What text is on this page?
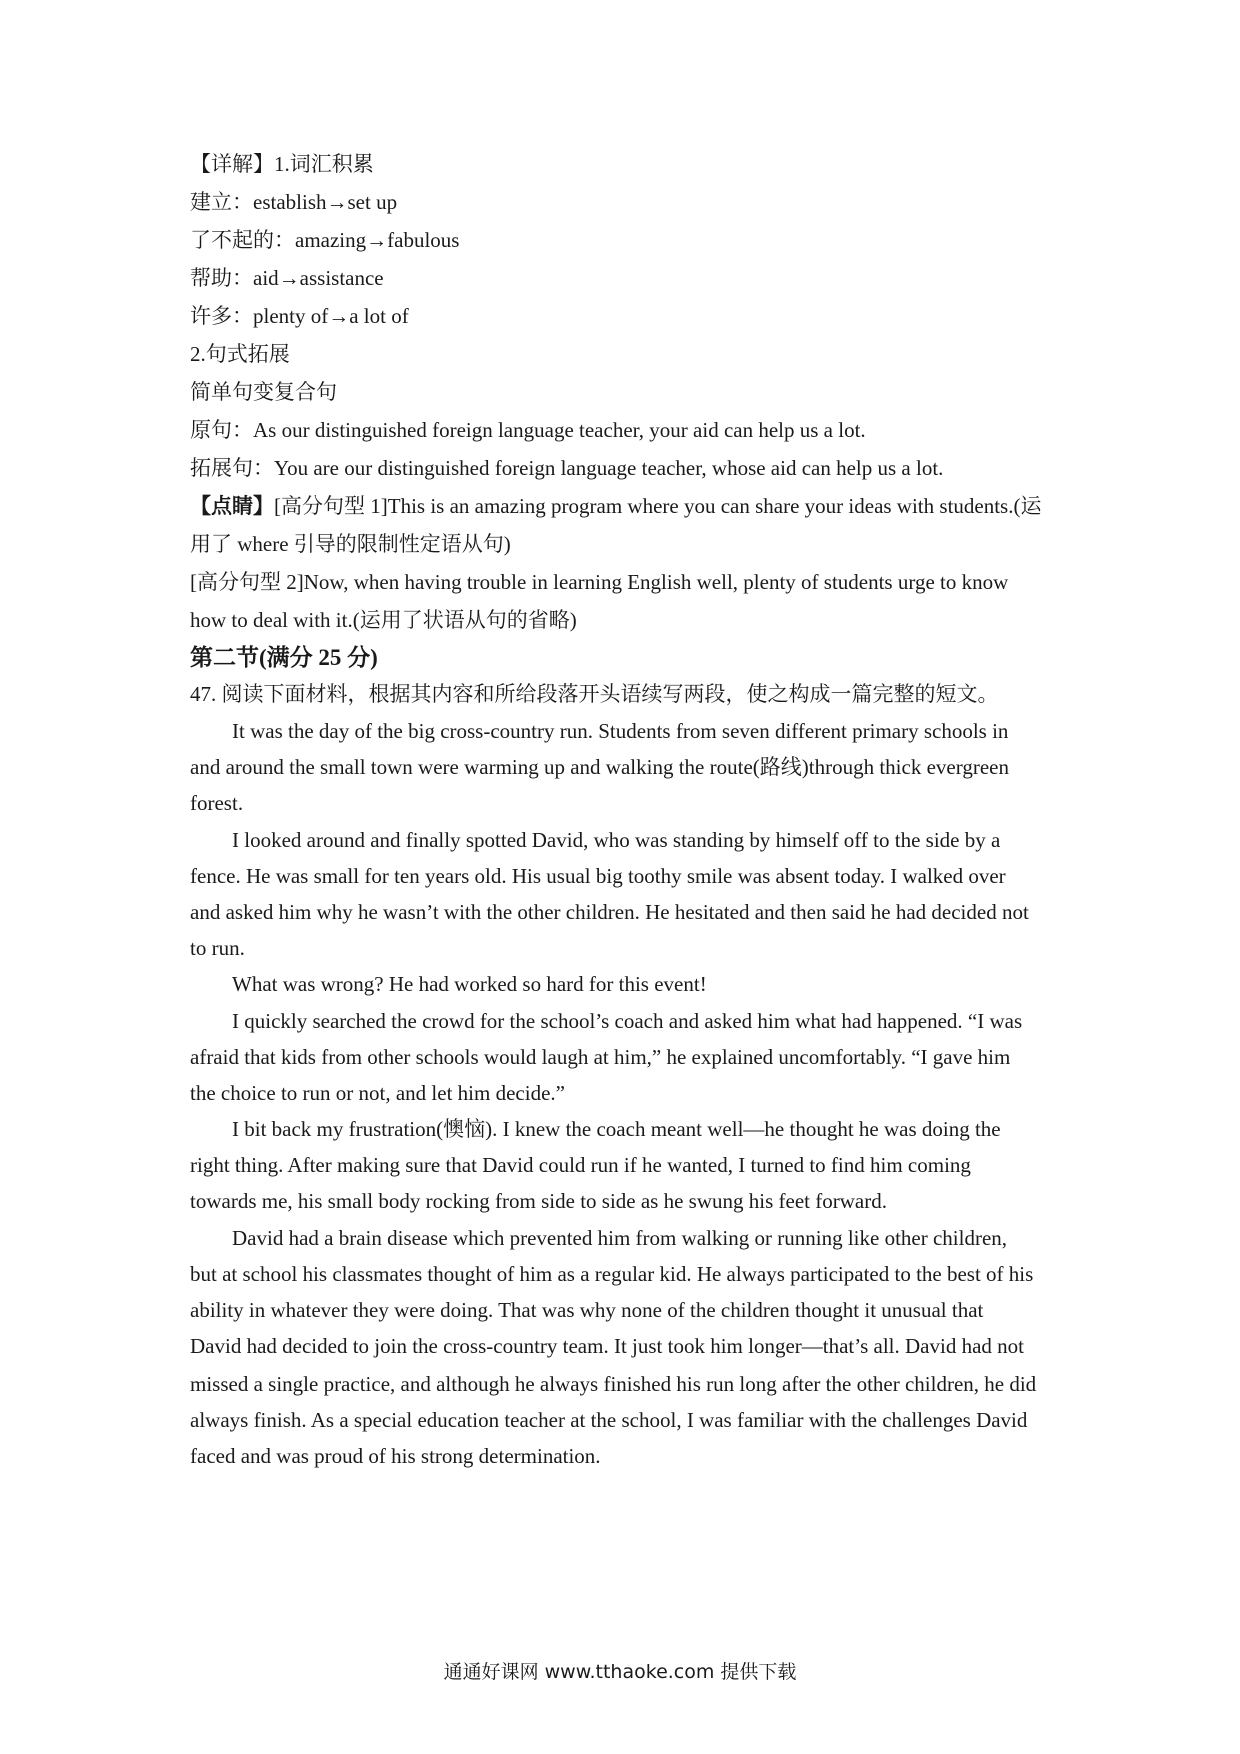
【详解】1.词汇积累
建立：establish→set up
了不起的：amazing→fabulous
帮助：aid→assistance
许多：plenty of→a lot of
2.句式拓展
简单句变复合句
原句：As our distinguished foreign language teacher, your aid can help us a lot.
拓展句：You are our distinguished foreign language teacher, whose aid can help us a lot.
【点睛】[高分句型 1]This is an amazing program where you can share your ideas with students.(运
用了 where 引导的限制性定语从句)
[高分句型 2]Now, when having trouble in learning English well, plenty of students urge to know
how to deal with it.(运用了状语从句的省略)
第二节(满分 25 分)
47. 阅读下面材料，根据其内容和所给段落开头语续写两段，使之构成一篇完整的短文。
It was the day of the big cross-country run. Students from seven different primary schools in
and around the small town were warming up and walking the route(路线)through thick evergreen
forest.
I looked around and finally spotted David, who was standing by himself off to the side by a
fence. He was small for ten years old. His usual big toothy smile was absent today. I walked over
and asked him why he wasn’t with the other children. He hesitated and then said he had decided not
to run.
What was wrong? He had worked so hard for this event!
I quickly searched the crowd for the school’s coach and asked him what had happened. “I was
afraid that kids from other schools would laugh at him,” he explained uncomfortably. “I gave him
the choice to run or not, and let him decide.”
I bit back my frustration(懊恼). I knew the coach meant well—he thought he was doing the
right thing. After making sure that David could run if he wanted, I turned to find him coming
towards me, his small body rocking from side to side as he swung his feet forward.
David had a brain disease which prevented him from walking or running like other children,
but at school his classmates thought of him as a regular kid. He always participated to the best of his
ability in whatever they were doing. That was why none of the children thought it unusual that
David had decided to join the cross-country team. It just took him longer—that’s all. David had not
missed a single practice, and although he always finished his run long after the other children, he did
always finish. As a special education teacher at the school, I was familiar with the challenges David
faced and was proud of his strong determination.
通通好课网 www.tthaoke.com 提供下载
